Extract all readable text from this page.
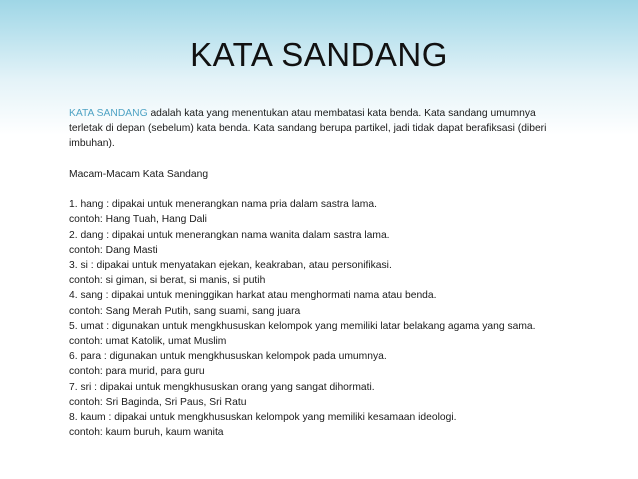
KATA SANDANG
KATA SANDANG adalah kata yang menentukan atau membatasi kata benda. Kata sandang umumnya
terletak di depan (sebelum) kata benda. Kata sandang berupa partikel, jadi tidak dapat berafiksasi (diberi
imbuhan).
Macam-Macam Kata Sandang
1. hang : dipakai untuk menerangkan nama pria dalam sastra lama.
contoh: Hang Tuah, Hang Dali
2. dang : dipakai untuk menerangkan nama wanita dalam sastra lama.
contoh: Dang Masti
3. si : dipakai untuk menyatakan ejekan, keakraban, atau personifikasi.
contoh: si giman, si berat, si manis, si putih
4. sang : dipakai untuk meninggikan harkat atau menghormati nama atau benda.
contoh: Sang Merah Putih, sang suami, sang juara
5. umat : digunakan untuk mengkhususkan kelompok yang memiliki latar belakang agama yang sama.
contoh: umat Katolik, umat Muslim
6. para : digunakan untuk mengkhususkan kelompok pada umumnya.
contoh: para murid, para guru
7. sri : dipakai untuk mengkhususkan orang yang sangat dihormati.
contoh: Sri Baginda, Sri Paus, Sri Ratu
8. kaum : dipakai untuk mengkhususkan kelompok yang memiliki kesamaan ideologi.
contoh: kaum buruh, kaum wanita
